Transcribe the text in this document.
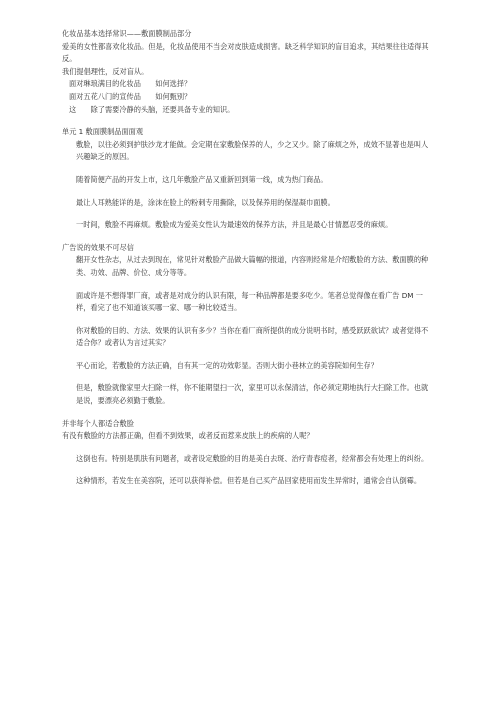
化妆品基本选择常识——敷面膜制品部分
爱美的女性都喜欢化妆品。但是，化妆品使用不当会对皮肤造成损害。缺乏科学知识的盲目追求，其结果往往适得其反。
我们提倡理性，反对盲从。
面对琳琅满目的化妆品　　如何选择？
面对五花八门的宣传品　　如何甄别？
这　　除了需要冷静的头脑，还要具备专业的知识。
单元 1 敷面膜制品面面观
敷脸，以往必须到护肤沙龙才能做。会定期在家敷脸保养的人，少之又少。除了麻烦之外，成效不显著也是叫人兴趣缺乏的原因。
随着简便产品的开发上市，这几年敷脸产品又重新回到第一线，成为热门商品。
最让人耳熟能详的是，涂沫在脸上的粉刺专用撕除，以及保养用的保湿凝巾面膜。
一时间，敷脸不再麻烦。敷脸成为爱美女性认为最速效的保养方法，并且是最心甘情愿忍受的麻烦。
广告说的效果不可尽信
翻开女性杂志，从过去到现在，常见针对敷脸产品做大篇幅的报道，内容则经常是介绍敷脸的方法、敷面膜的种类、功效、品牌、价位、成分等等。
面或许是不想得罪厂商，或者是对成分的认识有限，每一种品牌都是要多吃少。笔者总觉得像在看广告 DM 一样，看完了也不知道该买哪一家、哪一种比较适当。
你对敷脸的目的、方法、效果的认识有多少？当你在看厂商所提供的成分说明书时，感受跃跃欲试？或者觉得不适合你？或者认为言过其实？
平心而论，若敷脸的方法正确，自有其一定的功效彰显。否则大街小巷林立的美容院如何生存？
但是，敷脸就像家里大扫除一样，你不能期望扫一次，家里可以永保清洁，你必须定期地执行大扫除工作。也就是说，要漂亮必须勤于敷脸。
并非每个人都适合敷脸
有没有敷脸的方法都正确，但看不到效果，或者反而惹来皮肤上的疾病的人呢？
这倒也有。特别是肌肤有问题者，或者设定敷脸的目的是美白去斑、治疗青春痘者，经常都会有处理上的纠纷。
这种情形，若发生在美容院，还可以获得补偿。但若是自己买产品回家使用而发生异常时，通常会自认倒霉。
